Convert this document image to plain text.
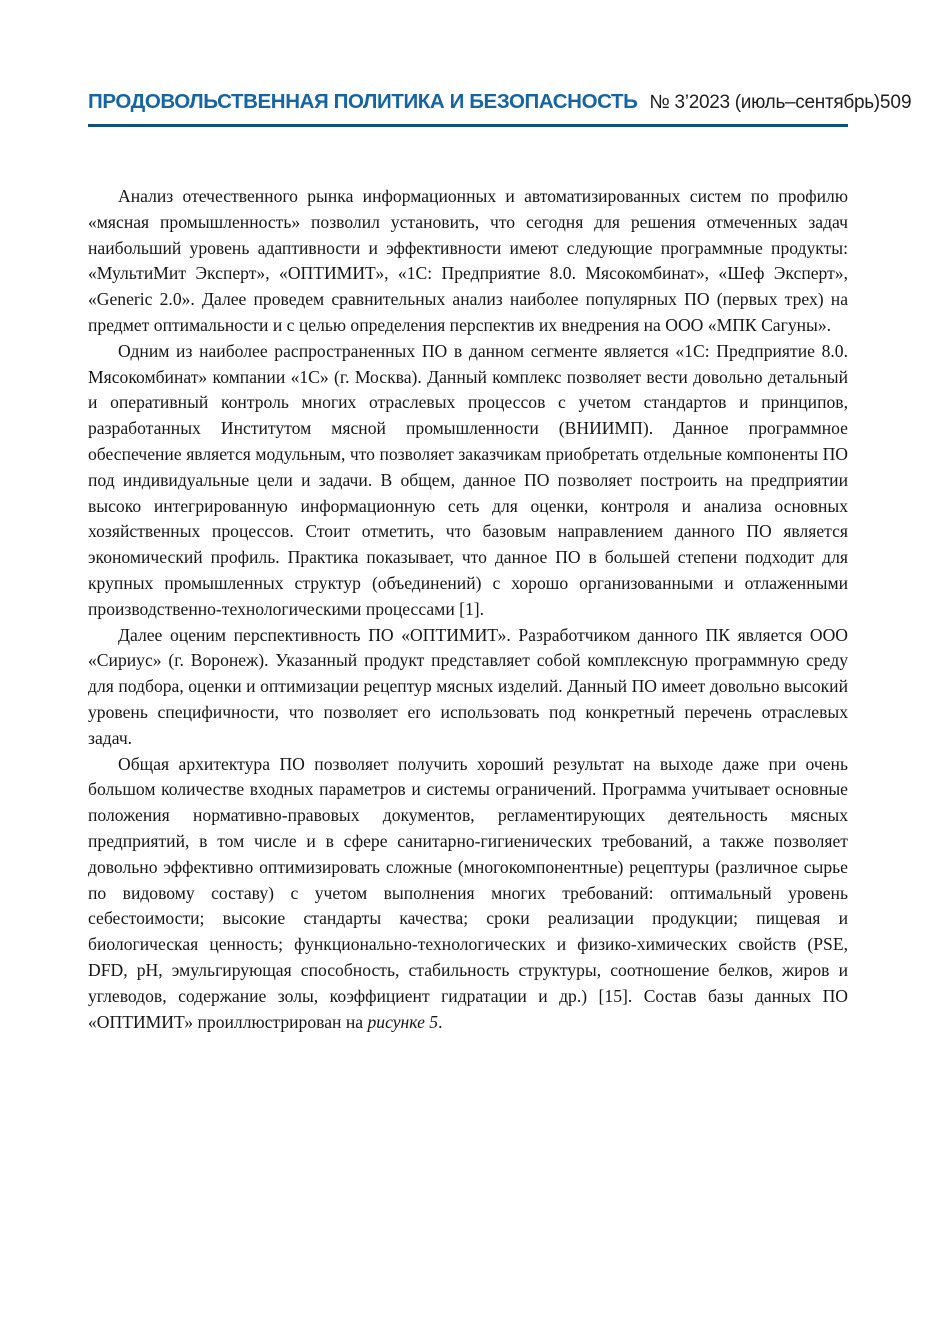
ПРОДОВОЛЬСТВЕННАЯ ПОЛИТИКА И БЕЗОПАСНОСТЬ № 3’2023 (июль–сентябрь) 509

Анализ отечественного рынка информационных и автоматизированных систем по профилю «мясная промышленность» позволил установить, что сегодня для решения отмеченных задач наибольший уровень адаптивности и эффективности имеют следующие программные продукты: «МультиМит Эксперт», «ОПТИМИТ», «1С: Предприятие 8.0. Мясокомбинат», «Шеф Эксперт», «Generic 2.0». Далее проведем сравнительных анализ наиболее популярных ПО (первых трех) на предмет оптимальности и с целью определения перспектив их внедрения на ООО «МПК Сагуны».

Одним из наиболее распространенных ПО в данном сегменте является «1С: Предприятие 8.0. Мясокомбинат» компании «1С» (г. Москва). Данный комплекс позволяет вести довольно детальный и оперативный контроль многих отраслевых процессов с учетом стандартов и принципов, разработанных Институтом мясной промышленности (ВНИИМП). Данное программное обеспечение является модульным, что позволяет заказчикам приобретать отдельные компоненты ПО под индивидуальные цели и задачи. В общем, данное ПО позволяет построить на предприятии высоко интегрированную информационную сеть для оценки, контроля и анализа основных хозяйственных процессов. Стоит отметить, что базовым направлением данного ПО является экономический профиль. Практика показывает, что данное ПО в большей степени подходит для крупных промышленных структур (объединений) с хорошо организованными и отлаженными производственно-технологическими процессами [1].

Далее оценим перспективность ПО «ОПТИМИТ». Разработчиком данного ПК является ООО «Сириус» (г. Воронеж). Указанный продукт представляет собой комплексную программную среду для подбора, оценки и оптимизации рецептур мясных изделий. Данный ПО имеет довольно высокий уровень специфичности, что позволяет его использовать под конкретный перечень отраслевых задач.

Общая архитектура ПО позволяет получить хороший результат на выходе даже при очень большом количестве входных параметров и системы ограничений. Программа учитывает основные положения нормативно-правовых документов, регламентирующих деятельность мясных предприятий, в том числе и в сфере санитарно-гигиенических требований, а также позволяет довольно эффективно оптимизировать сложные (многокомпонентные) рецептуры (различное сырье по видовому составу) с учетом выполнения многих требований: оптимальный уровень себестоимости; высокие стандарты качества; сроки реализации продукции; пищевая и биологическая ценность; функционально-технологических и физико-химических свойств (PSE, DFD, pH, эмульгирующая способность, стабильность структуры, соотношение белков, жиров и углеводов, содержание золы, коэффициент гидратации и др.) [15]. Состав базы данных ПО «ОПТИМИТ» проиллюстрирован на рисунке 5.
